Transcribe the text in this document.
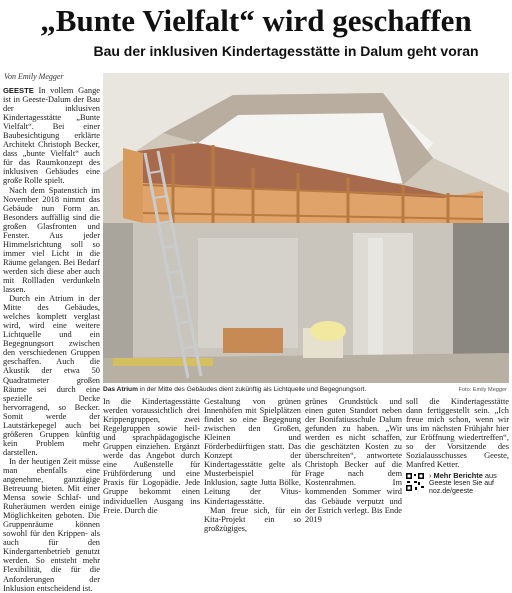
„Bunte Vielfalt“ wird geschaffen
Bau der inklusiven Kindertagesstätte in Dalum geht voran
Von Emily Megger

GEESTE In vollem Gange ist in Geeste-Dalum der Bau der inklusiven Kindertagesstätte „Bunte Vielfalt“. Bei einer Baubesichtigung erklärte Architekt Christoph Becker, dass „bunte Vielfalt“ auch für das Raumkonzept des inklusiven Gebäudes eine große Rolle spielt.

Nach dem Spatenstich im November 2018 nimmt das Gebäude nun Form an. Besonders auffällig sind die großen Glasfronten und Fenster. Aus jeder Himmelsrichtung soll so immer viel Licht in die Räume gelangen. Bei Bedarf werden sich diese aber auch mit Rollladen verdunkeln lassen.

Durch ein Atrium in der Mitte des Gebäudes, welches komplett verglast wird, wird eine weitere Lichtquelle und ein Begegnungsort zwischen den verschiedenen Gruppen geschaffen. Auch die Akustik der etwa 50 Quadratmeter großen Räume sei durch eine spezielle Decke hervorragend, so Becker. Somit werde der Lautstärkepegel auch bei größeren Gruppen künftig kein Problem mehr darstellen.

In der heutigen Zeit müsse man ebenfalls eine angenehme, ganztägige Betreuung bieten. Mit einer Mensa sowie Schlaf- und Ruheräumen werden einige Möglichkeiten geboten. Die Gruppenräume können sowohl für den Krippen- als auch für den Kindergartenbetrieb genutzt werden. So entsteht mehr Flexibilität, die für die Anforderungen der Inklusion entscheidend ist.

Das Atrium in der Mitte des Gebäudes dient zukünftig als Lichtquelle und Begegnungsort.	Foto: Emily Megger

In die Kindertagesstätte werden voraussichtlich drei Krippengruppen, zwei Regelgruppen sowie heil- und sprachpädagogische Gruppen einziehen. Ergänzt werde das Angebot durch eine Außenstelle für Frühförderung und eine Praxis für Logopädie. Jede Gruppe bekommt einen individuellen Ausgang ins Freie. Durch die

Gestaltung von grünen Innenhöfen mit Spielplätzen findet so eine Begegnung zwischen den Großen, Kleinen und Förderbedürftigen statt. Das Konzept der Kindertagesstätte gelte als Musterbeispiel für Inklusion, sagte Jutta Bölke, Leitung der Vitus-Kindertagesstätte.

Man freue sich, für ein Kita-Projekt ein so großzügiges,

grünes Grundstück und einen guten Standort neben der Bonifatiusschule Dalum gefunden zu haben. „Wir werden es nicht schaffen, die geschätzten Kosten zu überschreiten“, antwortete Christoph Becker auf die Frage nach dem Kostenrahmen. Im kommenden Sommer wird das Gebäude verputzt und der Estrich verlegt. Bis Ende 2019

soll die Kindertagesstätte dann fertiggestellt sein. „Ich freue mich schon, wenn wir uns im nächsten Frühjahr hier zur Eröffnung wiedertreffen“, so der Vorsitzende des Sozialausschusses Geeste, Manfred Ketter.

› Mehr Berichte aus
Geeste lesen Sie auf noz.de/geeste
